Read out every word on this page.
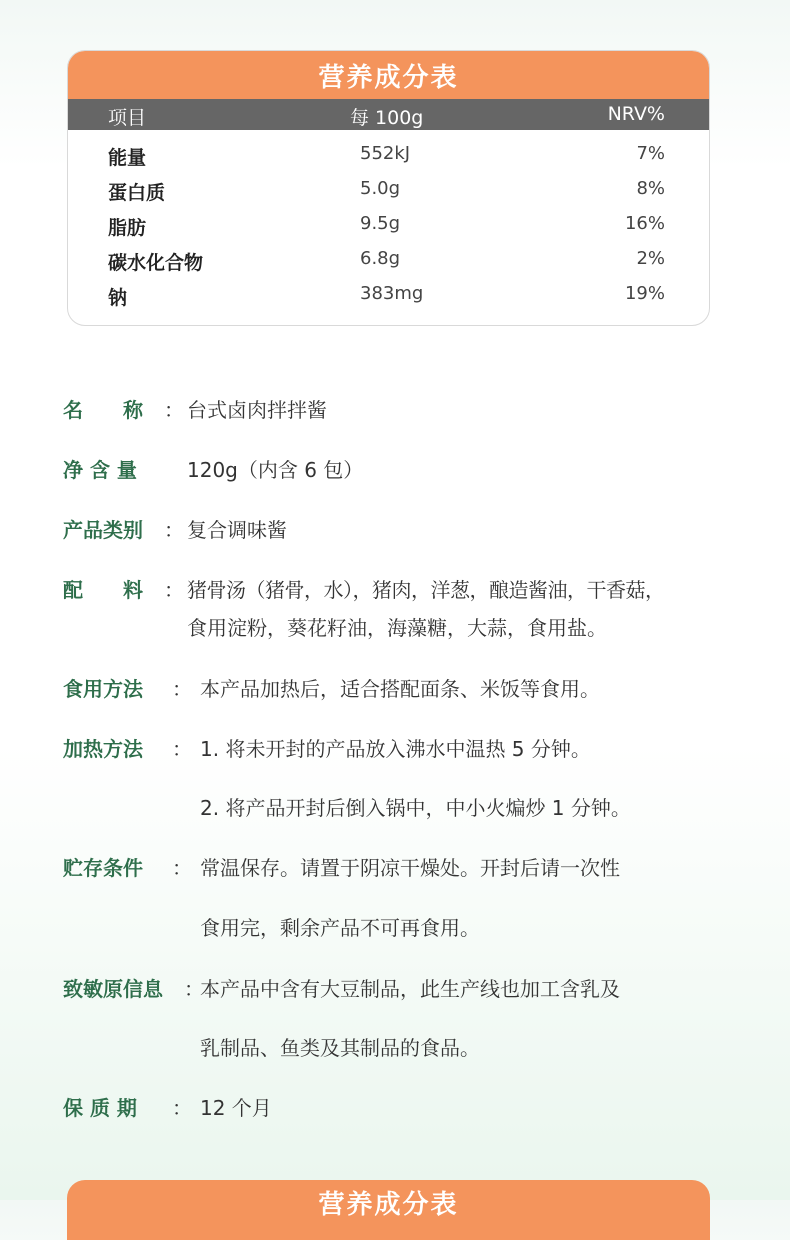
营养成分表
项目	每 100g	NRV%
能量	552kJ	7%
蛋白质	5.0g	8%
脂肪	9.5g	16%
碳水化合物	6.8g	2%
钠	383mg	19%
名　　称 ： 台式卤肉拌拌酱
净 含 量	120g（内含 6 包）
产品类别 ： 复合调味酱
配　　料 ： 猪骨汤（猪骨，水），猪肉，洋葱，酿造酱油，干香菇，
食用淀粉，葵花籽油，海藻糖，大蒜，食用盐。
食用方法 ： 本产品加热后，适合搭配面条、米饭等食用。
加热方法 ： 1. 将未开封的产品放入沸水中温热 5 分钟。
2. 将产品开封后倒入锅中，中小火煸炒 1 分钟。
贮存条件 ： 常温保存。请置于阴凉干燥处。开封后请一次性
食用完，剩余产品不可再食用。
致敏原信息 ：
本产品中含有大豆制品，此生产线也加工含乳及
乳制品、鱼类及其制品的食品。
保 质 期 ： 12 个月
营养成分表
